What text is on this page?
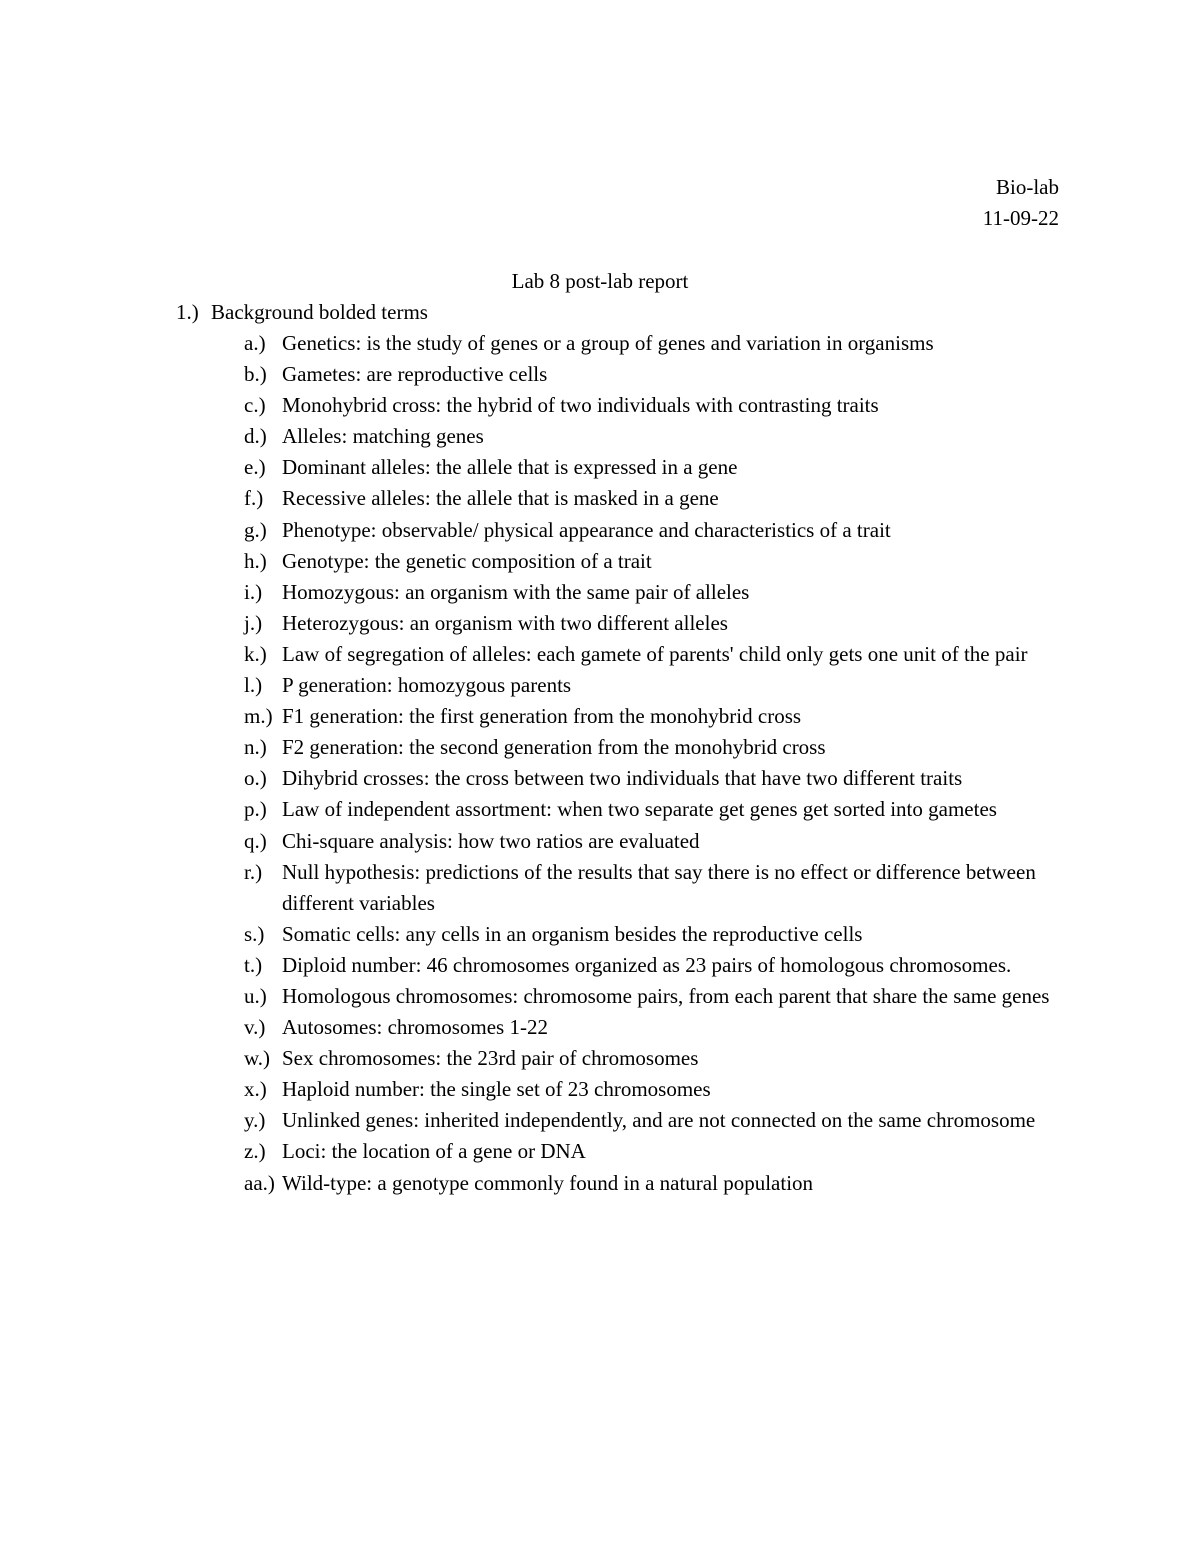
Bio-lab
11-09-22
Lab 8 post-lab report
1.) Background bolded terms
a.) Genetics: is the study of genes or a group of genes and variation in organisms
b.) Gametes: are reproductive cells
c.) Monohybrid cross: the hybrid of two individuals with contrasting traits
d.) Alleles: matching genes
e.) Dominant alleles: the allele that is expressed in a gene
f.) Recessive alleles: the allele that is masked in a gene
g.) Phenotype: observable/ physical appearance and characteristics of a trait
h.) Genotype: the genetic composition of a trait
i.) Homozygous: an organism with the same pair of alleles
j.) Heterozygous: an organism with two different alleles
k.) Law of segregation of alleles: each gamete of parents' child only gets one unit of the pair
l.) P generation: homozygous parents
m.) F1 generation: the first generation from the monohybrid cross
n.) F2 generation: the second generation from the monohybrid cross
o.) Dihybrid crosses: the cross between two individuals that have two different traits
p.) Law of independent assortment: when two separate get genes get sorted into gametes
q.) Chi-square analysis: how two ratios are evaluated
r.) Null hypothesis: predictions of the results that say there is no effect or difference between different variables
s.) Somatic cells: any cells in an organism besides the reproductive cells
t.) Diploid number: 46 chromosomes organized as 23 pairs of homologous chromosomes.
u.) Homologous chromosomes: chromosome pairs, from each parent that share the same genes
v.) Autosomes: chromosomes 1-22
w.) Sex chromosomes: the 23rd pair of chromosomes
x.) Haploid number: the single set of 23 chromosomes
y.) Unlinked genes: inherited independently, and are not connected on the same chromosome
z.) Loci: the location of a gene or DNA
aa.) Wild-type: a genotype commonly found in a natural population
